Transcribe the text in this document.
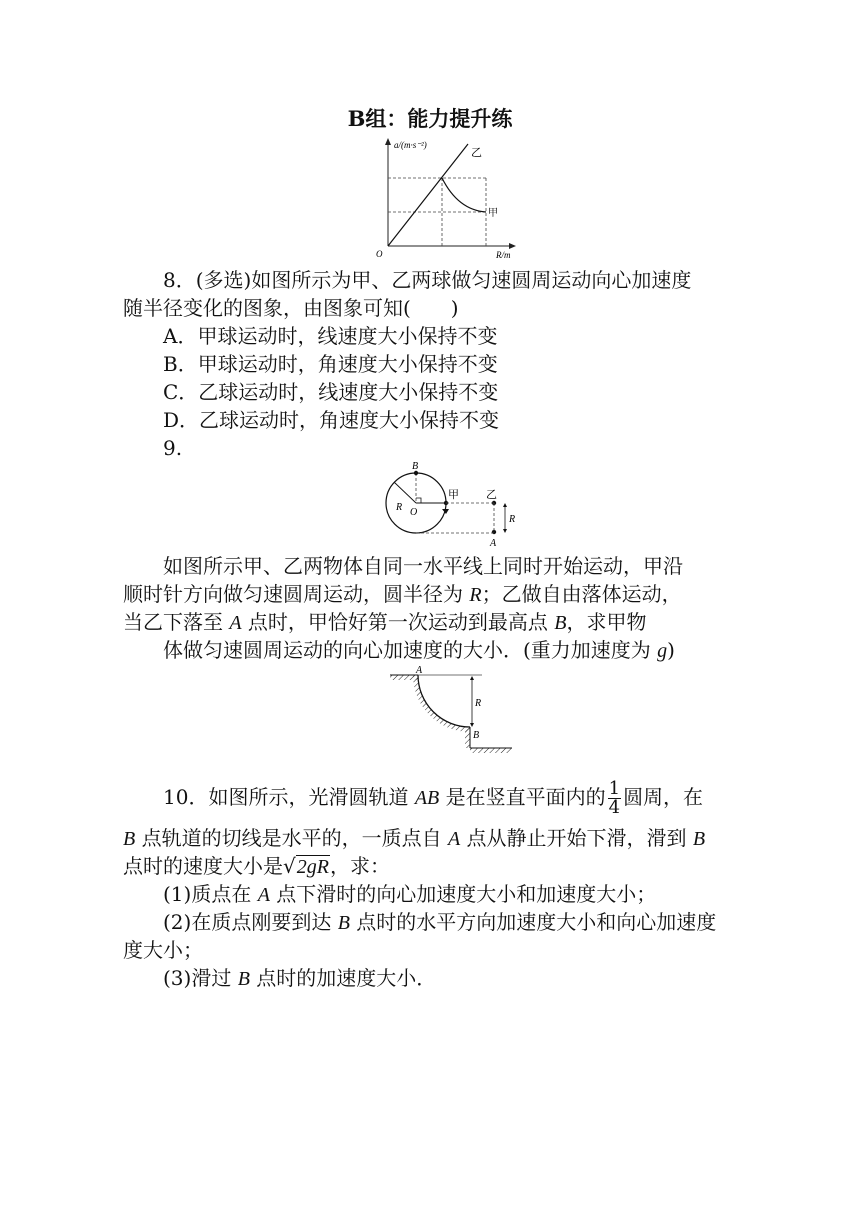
B组：能力提升练
a/(m·s⁻²)
R/m
O
乙
甲
8．(多选)如图所示为甲、乙两球做匀速圆周运动向心加速度
随半径变化的图象，由图象可知(　　)
A．甲球运动时，线速度大小保持不变
B．甲球运动时，角速度大小保持不变
C．乙球运动时，线速度大小保持不变
D．乙球运动时，角速度大小保持不变
9.
B
R O
甲 乙
R
A
如图所示甲、乙两物体自同一水平线上同时开始运动，甲沿
顺时针方向做匀速圆周运动，圆半径为 R；乙做自由落体运动，
当乙下落至 A 点时，甲恰好第一次运动到最高点 B，求甲物
体做匀速圆周运动的向心加速度的大小．(重力加速度为 g)
A
R
B
10．如图所示，光滑圆轨道 AB 是在竖直平面内的 $\frac{1}{4}$ 圆周，在
B 点轨道的切线是水平的，一质点自 A 点从静止开始下滑，滑到 B
点时的速度大小是√2gR，求：
(1)质点在 A 点下滑时的向心加速度大小和加速度大小；
(2)在质点刚要到达 B 点时的水平方向加速度大小和向心加速度
度大小；
(3)滑过 B 点时的加速度大小．
